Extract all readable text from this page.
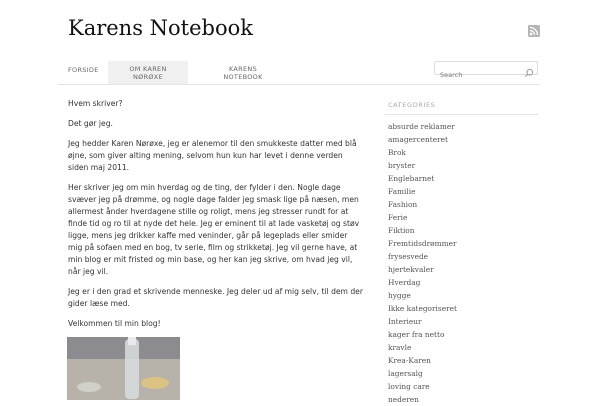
Karens Notebook
FORSIDE	OM KAREN
NØRØXE
KARENS
NOTEBOOK
Search

Hvem skriver?

Det gør jeg.

Jeg hedder Karen Nørøxe, jeg er alenemor til den smukkeste datter med blå øjne, som giver alting mening, selvom hun kun har levet i denne verden siden maj 2011.

Her skriver jeg om min hverdag og de ting, der fylder i den. Nogle dage svæver jeg på drømme, og nogle dage falder jeg smask lige på næsen, men allermest ånder hverdagene stille og roligt, mens jeg stresser rundt for at finde tid og ro til at nyde det hele. Jeg er eminent til at lade vasketøj og støv ligge, mens jeg drikker kaffe med veninder, går på legeplads eller smider mig på sofaen med en bog, tv serie, film og strikketøj. Jeg vil gerne have, at min blog er mit fristed og min base, og her kan jeg skrive, om hvad jeg vil, når jeg vil.

Jeg er i den grad et skrivende menneske. Jeg deler ud af mig selv, til dem der gider læse med.

Velkommen til min blog!

CATEGORIES
absurde reklamer
amagercenteret
Brok
bryster
Englebarnet
Familie
Fashion
Ferie
Fiktion
Fremtidsdrømmer
frysesvede
hjertekvaler
Hverdag
hygge
Ikke kategoriseret
Interieur
kager fra netto
kravle
Krea-Karen
lagersalg
loving care
nederen
